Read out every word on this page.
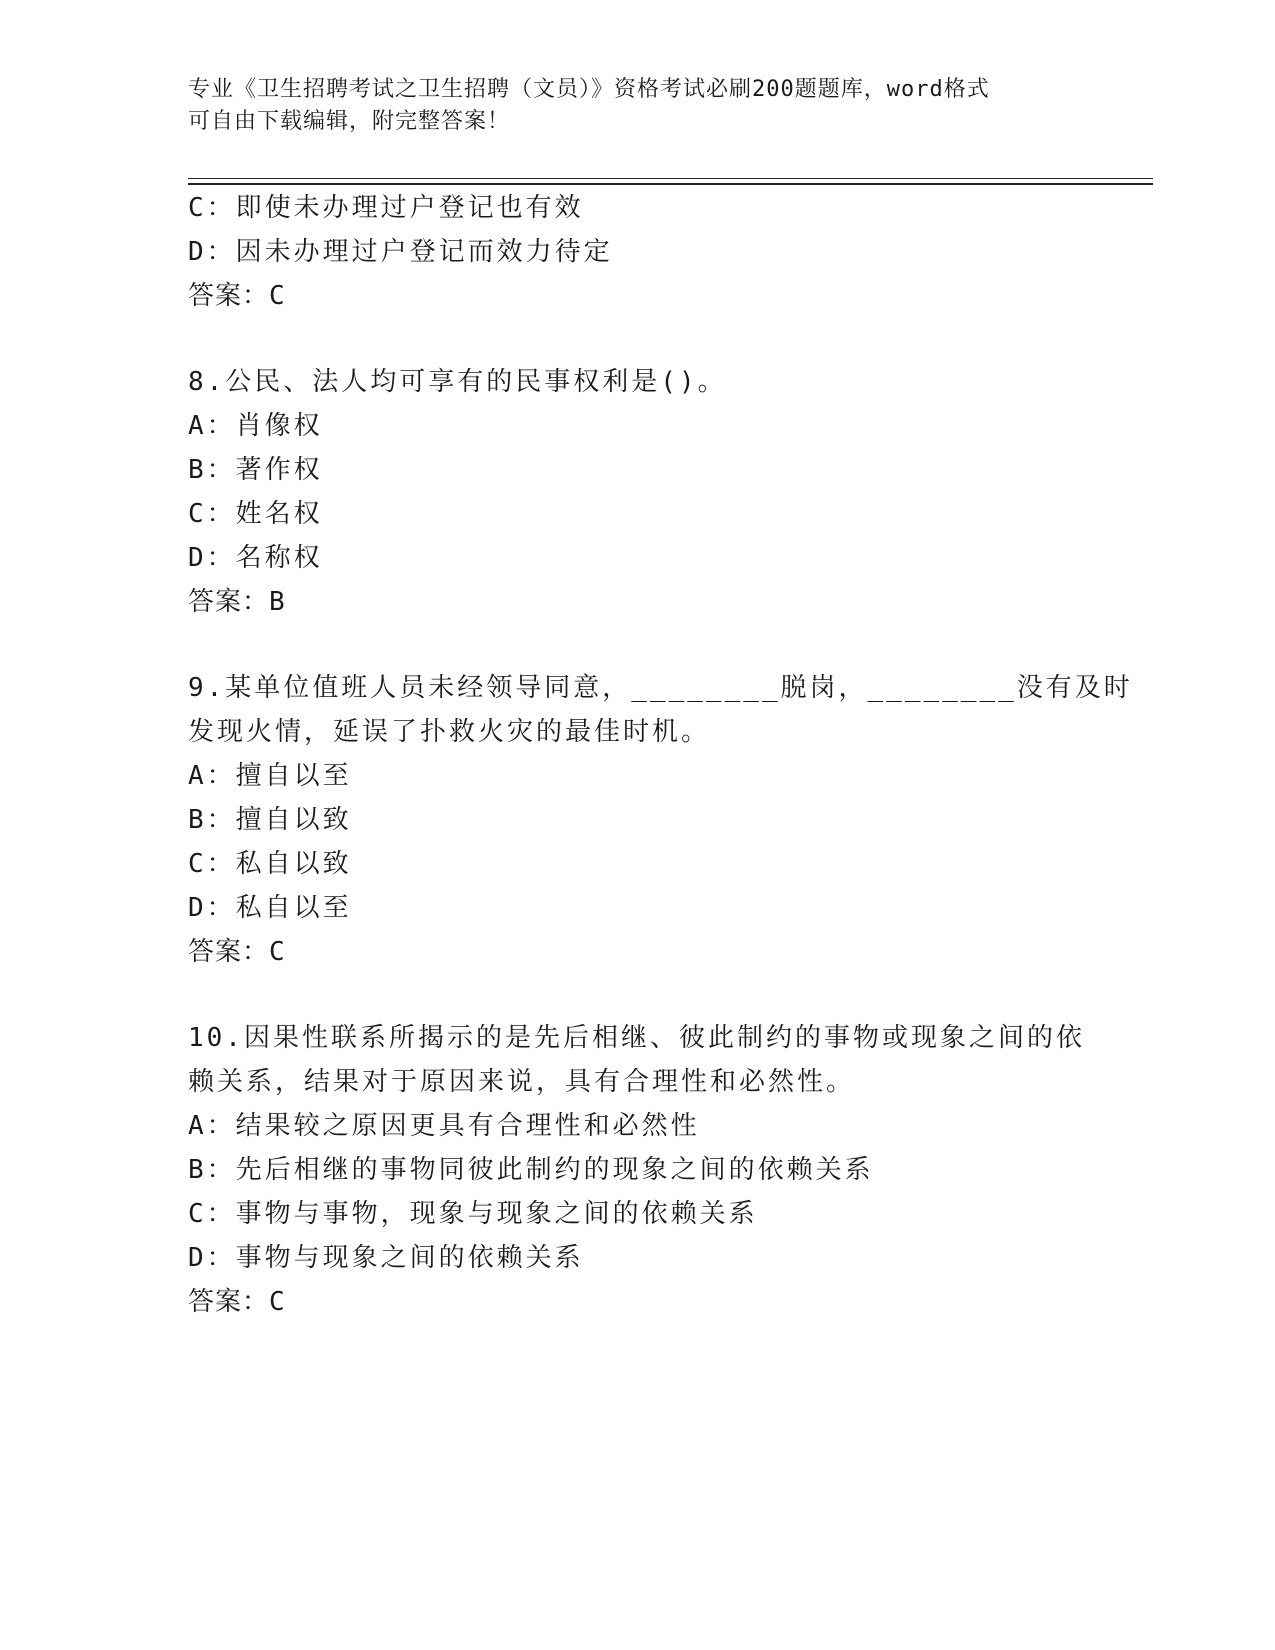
专业《卫生招聘考试之卫生招聘（文员）》资格考试必刷200题题库，word格式
可自由下载编辑，附完整答案！
C：即使未办理过户登记也有效
D：因未办理过户登记而效力待定
答案：C
8.公民、法人均可享有的民事权利是()。
A：肖像权
B：著作权
C：姓名权
D：名称权
答案：B
9.某单位值班人员未经领导同意，________脱岗，________没有及时
发现火情，延误了扑救火灾的最佳时机。
A：擅自以至
B：擅自以致
C：私自以致
D：私自以至
答案：C
10.因果性联系所揭示的是先后相继、彼此制约的事物或现象之间的依
赖关系，结果对于原因来说，具有合理性和必然性。
A：结果较之原因更具有合理性和必然性
B：先后相继的事物同彼此制约的现象之间的依赖关系
C：事物与事物，现象与现象之间的依赖关系
D：事物与现象之间的依赖关系
答案：C
